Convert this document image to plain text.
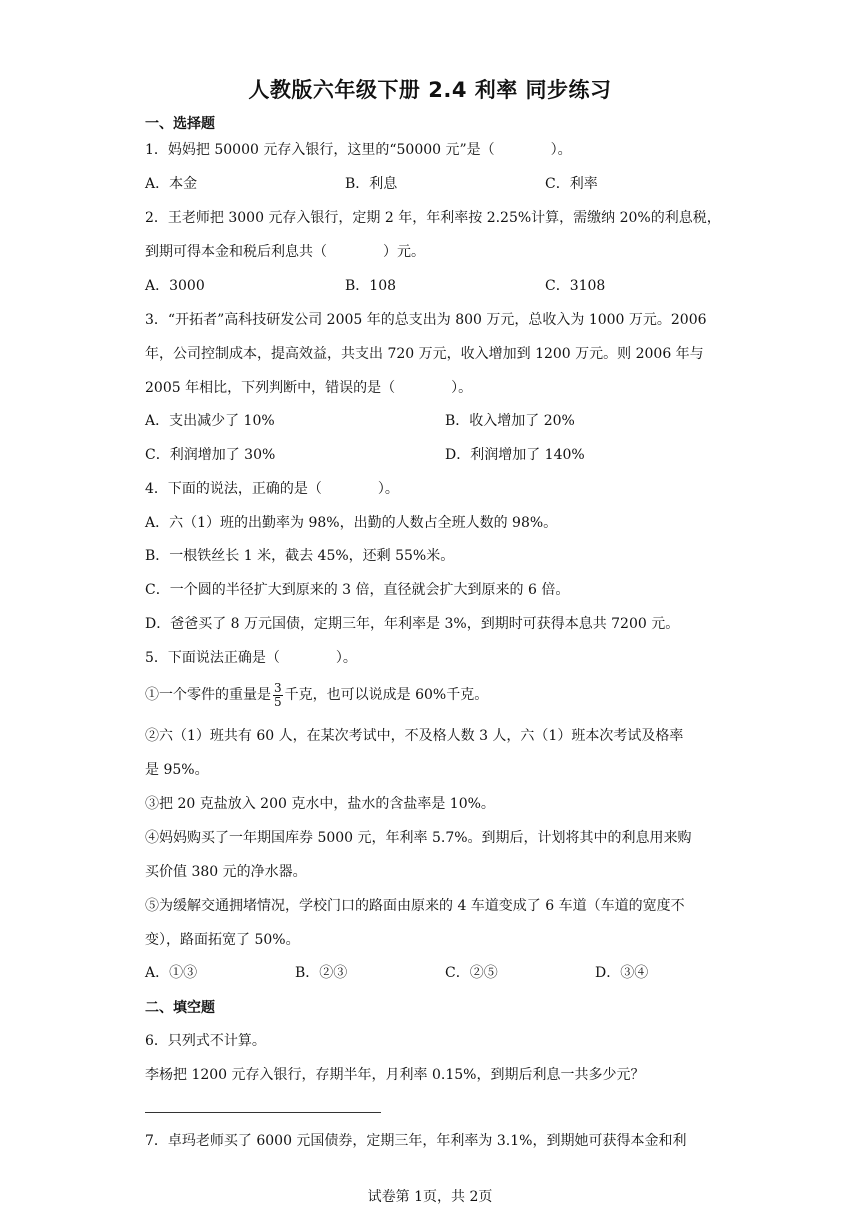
人教版六年级下册 2.4 利率 同步练习
一、选择题
1．妈妈把 50000 元存入银行，这里的“50000 元”是（　　　　）。
A．本金	B．利息	C．利率
2．王老师把 3000 元存入银行，定期 2 年，年利率按 2.25%计算，需缴纳 20%的利息税，
到期可得本金和税后利息共（　　　　）元。
A．3000	B．108	C．3108
3．“开拓者”高科技研发公司 2005 年的总支出为 800 万元，总收入为 1000 万元。2006
年，公司控制成本，提高效益，共支出 720 万元，收入增加到 1200 万元。则 2006 年与
2005 年相比，下列判断中，错误的是（　　　　）。
A．支出减少了 10%	B．收入增加了 20%
C．利润增加了 30%	D．利润增加了 140%
4．下面的说法，正确的是（　　　　）。
A．六（1）班的出勤率为 98%，出勤的人数占全班人数的 98%。
B．一根铁丝长 1 米，截去 45%，还剩 55%米。
C．一个圆的半径扩大到原来的 3 倍，直径就会扩大到原来的 6 倍。
D．爸爸买了 8 万元国债，定期三年，年利率是 3%，到期时可获得本息共 7200 元。
5．下面说法正确是（　　　　）。
①一个零件的重量是 $\frac{3}{5}$ 千克，也可以说成是 60%千克。
②六（1）班共有 60 人，在某次考试中，不及格人数 3 人，六（1）班本次考试及格率
是 95%。
③把 20 克盐放入 200 克水中，盐水的含盐率是 10%。
④妈妈购买了一年期国库券 5000 元，年利率 5.7%。到期后，计划将其中的利息用来购
买价值 380 元的净水器。
⑤为缓解交通拥堵情况，学校门口的路面由原来的 4 车道变成了 6 车道（车道的宽度不
变），路面拓宽了 50%。
A．①③	B．②③	C．②⑤	D．③④
二、填空题
6．只列式不计算。
李杨把 1200 元存入银行，存期半年，月利率 0.15%，到期后利息一共多少元？
7．卓玛老师买了 6000 元国债券，定期三年，年利率为 3.1%，到期她可获得本金和利
试卷第 1页，共 2页
